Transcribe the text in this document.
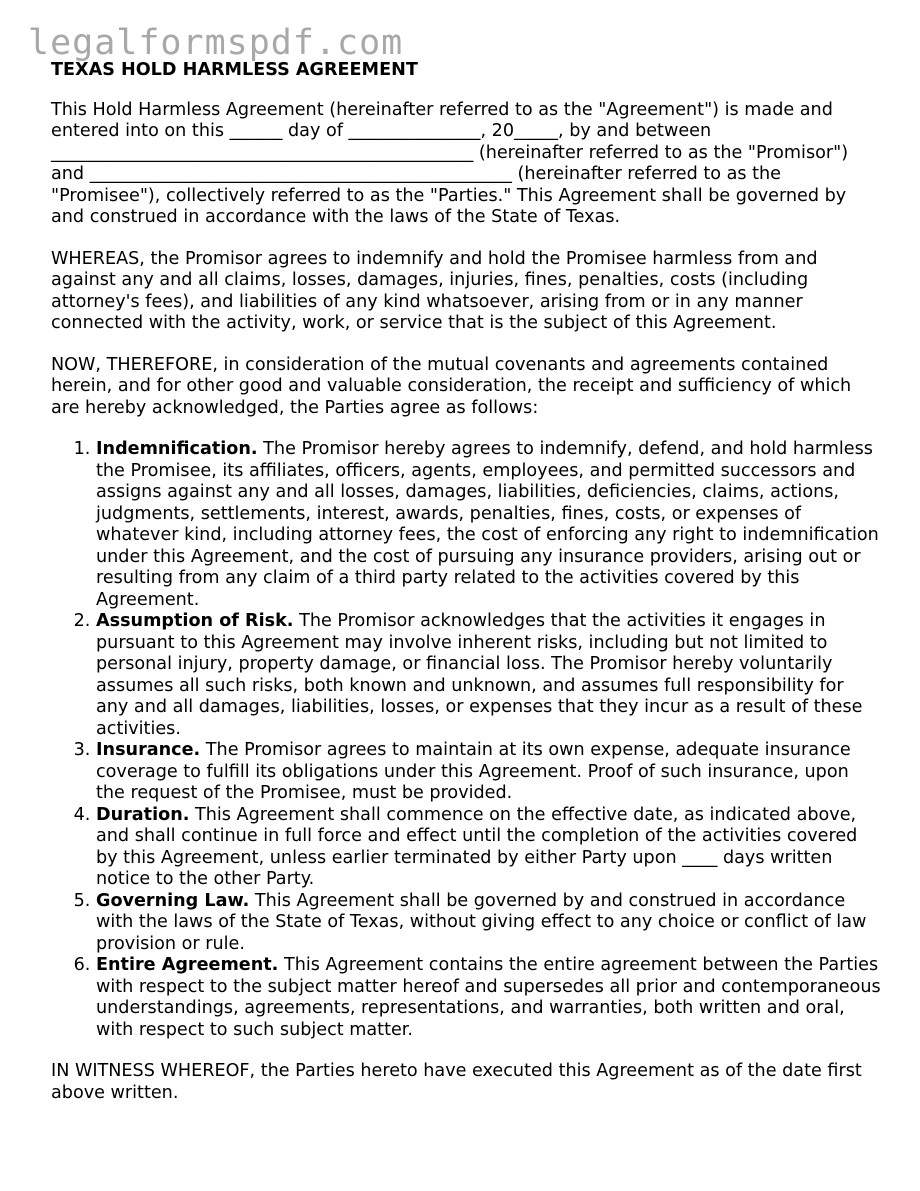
legalformspdf.com
TEXAS HOLD HARMLESS AGREEMENT

This Hold Harmless Agreement (hereinafter referred to as the "Agreement") is made and entered into on this ______ day of _______________, 20_____, by and between ________________________________________________ (hereinafter referred to as the "Promisor") and ________________________________________________ (hereinafter referred to as the "Promisee"), collectively referred to as the "Parties." This Agreement shall be governed by and construed in accordance with the laws of the State of Texas.

WHEREAS, the Promisor agrees to indemnify and hold the Promisee harmless from and against any and all claims, losses, damages, injuries, fines, penalties, costs (including attorney's fees), and liabilities of any kind whatsoever, arising from or in any manner connected with the activity, work, or service that is the subject of this Agreement.

NOW, THEREFORE, in consideration of the mutual covenants and agreements contained herein, and for other good and valuable consideration, the receipt and sufficiency of which are hereby acknowledged, the Parties agree as follows:

1. Indemnification. The Promisor hereby agrees to indemnify, defend, and hold harmless the Promisee, its affiliates, officers, agents, employees, and permitted successors and assigns against any and all losses, damages, liabilities, deficiencies, claims, actions, judgments, settlements, interest, awards, penalties, fines, costs, or expenses of whatever kind, including attorney fees, the cost of enforcing any right to indemnification under this Agreement, and the cost of pursuing any insurance providers, arising out or resulting from any claim of a third party related to the activities covered by this Agreement.
2. Assumption of Risk. The Promisor acknowledges that the activities it engages in pursuant to this Agreement may involve inherent risks, including but not limited to personal injury, property damage, or financial loss. The Promisor hereby voluntarily assumes all such risks, both known and unknown, and assumes full responsibility for any and all damages, liabilities, losses, or expenses that they incur as a result of these activities.
3. Insurance. The Promisor agrees to maintain at its own expense, adequate insurance coverage to fulfill its obligations under this Agreement. Proof of such insurance, upon the request of the Promisee, must be provided.
4. Duration. This Agreement shall commence on the effective date, as indicated above, and shall continue in full force and effect until the completion of the activities covered by this Agreement, unless earlier terminated by either Party upon ____ days written notice to the other Party.
5. Governing Law. This Agreement shall be governed by and construed in accordance with the laws of the State of Texas, without giving effect to any choice or conflict of law provision or rule.
6. Entire Agreement. This Agreement contains the entire agreement between the Parties with respect to the subject matter hereof and supersedes all prior and contemporaneous understandings, agreements, representations, and warranties, both written and oral, with respect to such subject matter.

IN WITNESS WHEREOF, the Parties hereto have executed this Agreement as of the date first above written.
